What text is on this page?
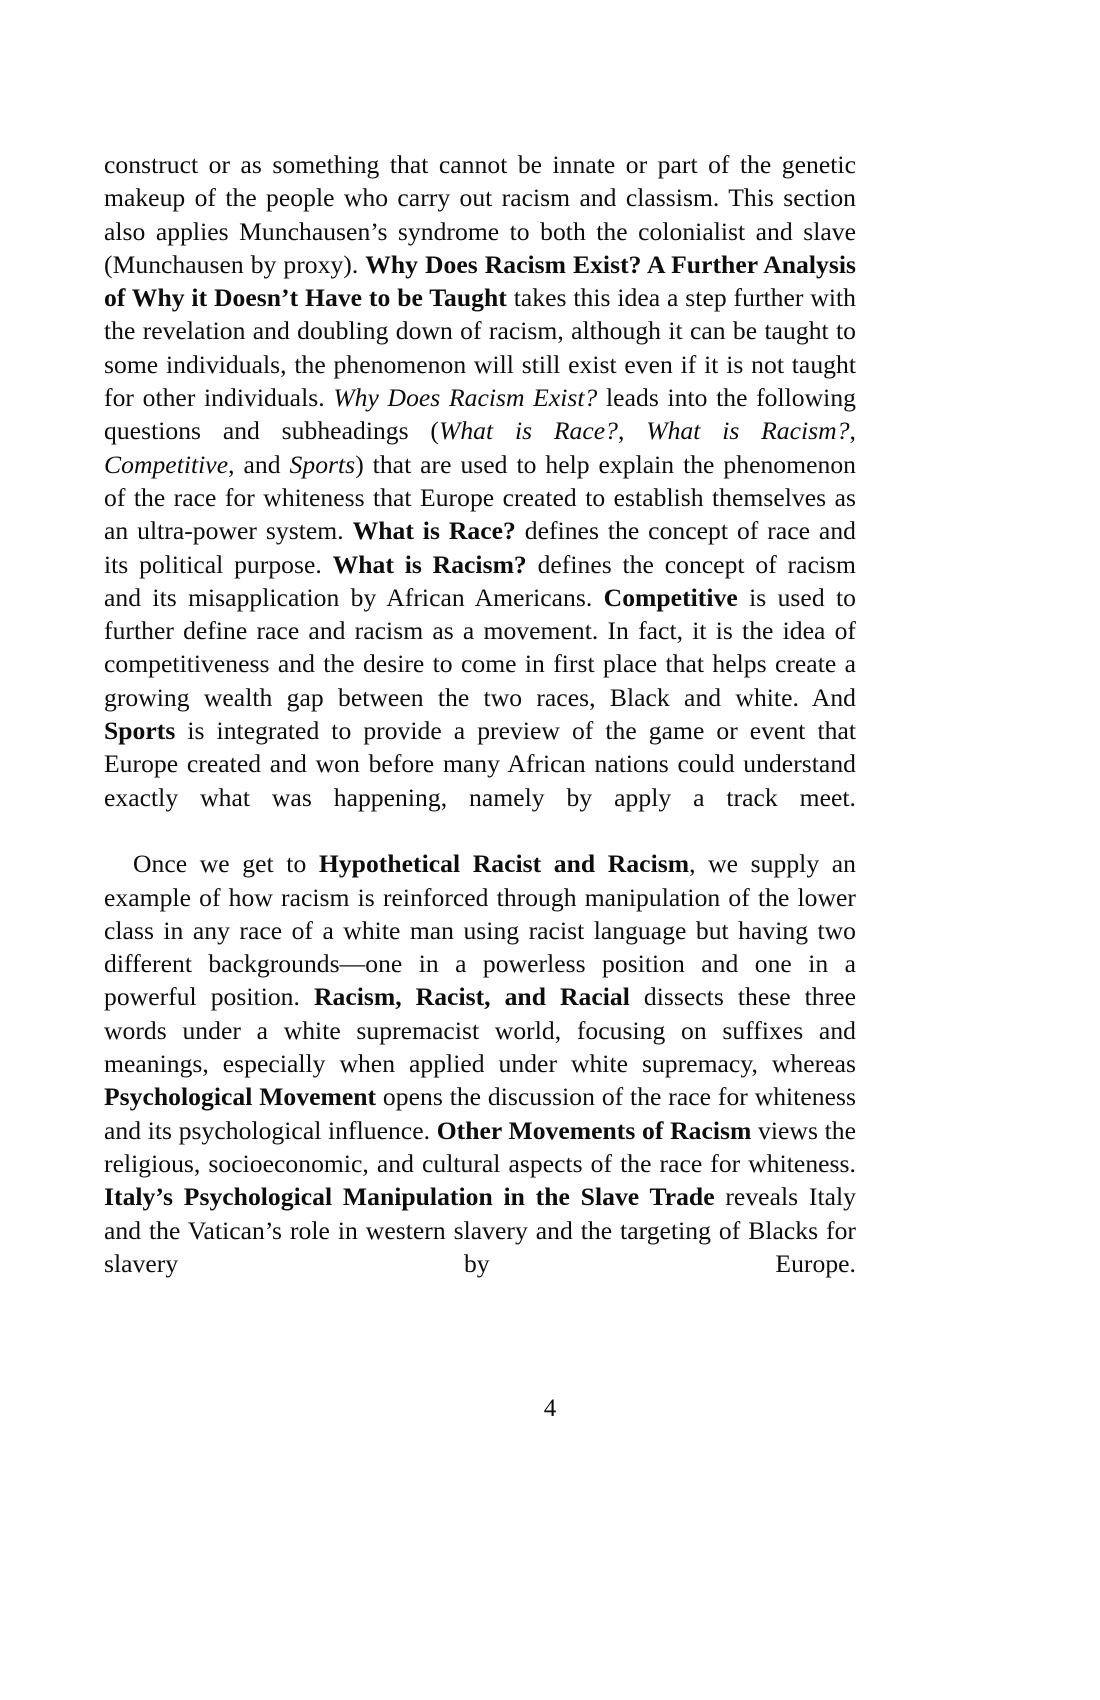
construct or as something that cannot be innate or part of the genetic makeup of the people who carry out racism and classism. This section also applies Munchausen’s syndrome to both the colonialist and slave (Munchausen by proxy). Why Does Racism Exist? A Further Analysis of Why it Doesn’t Have to be Taught takes this idea a step further with the revelation and doubling down of racism, although it can be taught to some individuals, the phenomenon will still exist even if it is not taught for other individuals. Why Does Racism Exist? leads into the following questions and subheadings (What is Race?, What is Racism?, Competitive, and Sports) that are used to help explain the phenomenon of the race for whiteness that Europe created to establish themselves as an ultra-power system. What is Race? defines the concept of race and its political purpose. What is Racism? defines the concept of racism and its misapplication by African Americans. Competitive is used to further define race and racism as a movement. In fact, it is the idea of competitiveness and the desire to come in first place that helps create a growing wealth gap between the two races, Black and white. And Sports is integrated to provide a preview of the game or event that Europe created and won before many African nations could understand exactly what was happening, namely by apply a track meet.

Once we get to Hypothetical Racist and Racism, we supply an example of how racism is reinforced through manipulation of the lower class in any race of a white man using racist language but having two different backgrounds—one in a powerless position and one in a powerful position. Racism, Racist, and Racial dissects these three words under a white supremacist world, focusing on suffixes and meanings, especially when applied under white supremacy, whereas Psychological Movement opens the discussion of the race for whiteness and its psychological influence. Other Movements of Racism views the religious, socioeconomic, and cultural aspects of the race for whiteness. Italy’s Psychological Manipulation in the Slave Trade reveals Italy and the Vatican’s role in western slavery and the targeting of Blacks for slavery by Europe.

4
